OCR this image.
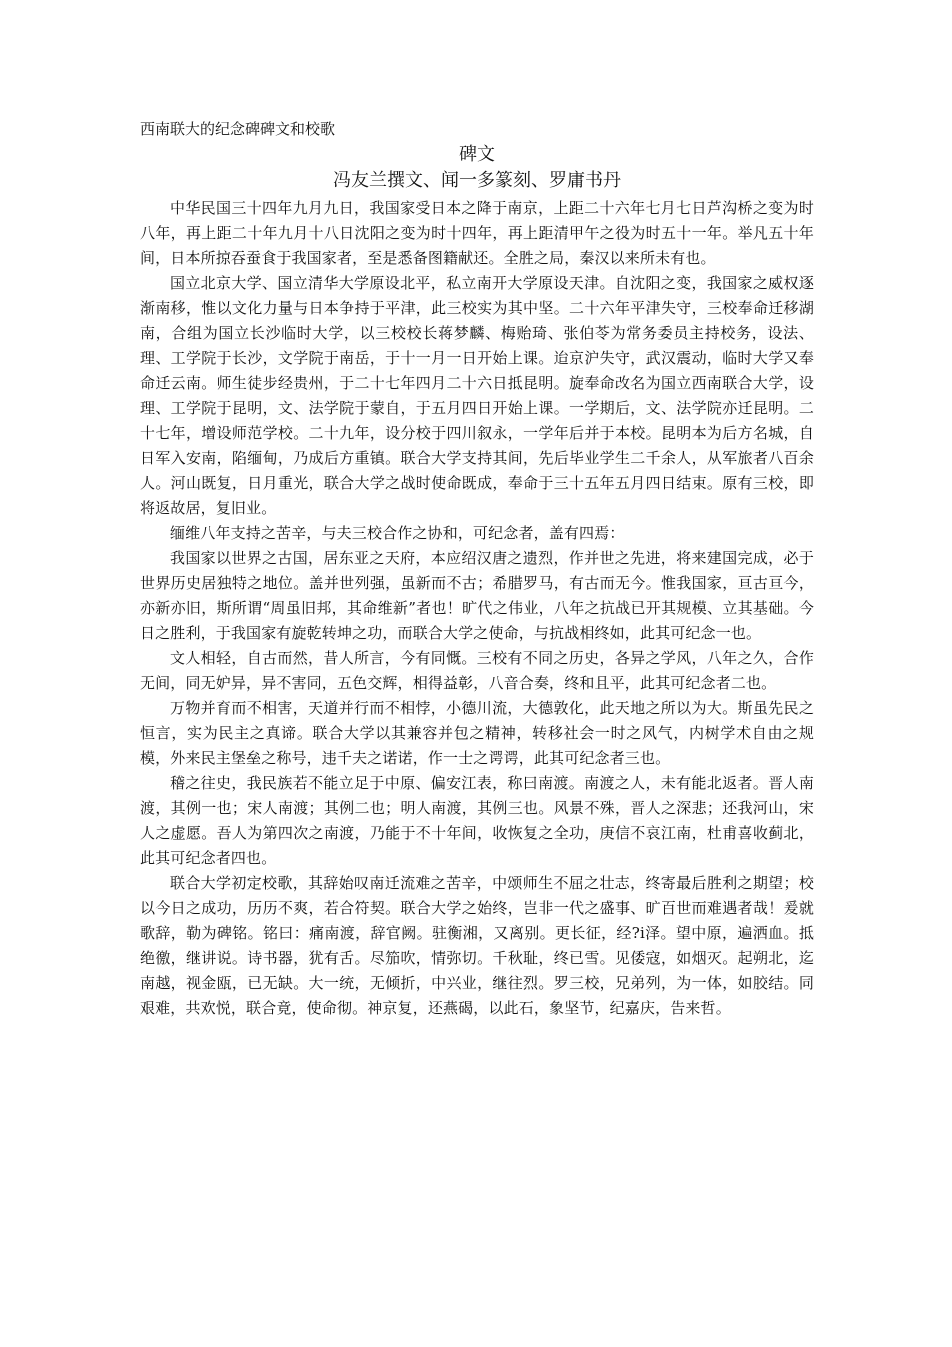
西南联大的纪念碑碑文和校歌

碑文

冯友兰撰文、闻一多篆刻、罗庸书丹

中华民国三十四年九月九日，我国家受日本之降于南京，上距二十六年七月七日芦沟桥之变为时八年，再上距二十年九月十八日沈阳之变为时十四年，再上距清甲午之役为时五十一年。举凡五十年间，日本所掠吞蚕食于我国家者，至是悉备图籍献还。全胜之局，秦汉以来所未有也。

国立北京大学、国立清华大学原设北平，私立南开大学原设天津。自沈阳之变，我国家之威权逐渐南移，惟以文化力量与日本争持于平津，此三校实为其中坚。二十六年平津失守，三校奉命迁移湖南，合组为国立长沙临时大学，以三校校长蒋梦麟、梅贻琦、张伯苓为常务委员主持校务，设法、理、工学院于长沙，文学院于南岳，于十一月一日开始上课。迨京沪失守，武汉震动，临时大学又奉命迁云南。师生徒步经贵州，于二十七年四月二十六日抵昆明。旋奉命改名为国立西南联合大学，设理、工学院于昆明，文、法学院于蒙自，于五月四日开始上课。一学期后，文、法学院亦迁昆明。二十七年，增设师范学校。二十九年，设分校于四川叙永，一学年后并于本校。昆明本为后方名城，自日军入安南，陷缅甸，乃成后方重镇。联合大学支持其间，先后毕业学生二千余人，从军旅者八百余人。河山既复，日月重光，联合大学之战时使命既成，奉命于三十五年五月四日结束。原有三校，即将返故居，复旧业。

缅维八年支持之苦辛，与夫三校合作之协和，可纪念者，盖有四焉：

我国家以世界之古国，居东亚之天府，本应绍汉唐之遗烈，作并世之先进，将来建国完成，必于世界历史居独特之地位。盖并世列强，虽新而不古；希腊罗马，有古而无今。惟我国家，亘古亘今，亦新亦旧，斯所谓“周虽旧邦，其命维新”者也！旷代之伟业，八年之抗战已开其规模、立其基础。今日之胜利，于我国家有旋乾转坤之功，而联合大学之使命，与抗战相终如，此其可纪念一也。

文人相轻，自古而然，昔人所言，今有同慨。三校有不同之历史，各异之学风，八年之久，合作无间，同无妒异，异不害同，五色交辉，相得益彰，八音合奏，终和且平，此其可纪念者二也。

万物并育而不相害，天道并行而不相悖，小德川流，大德敦化，此天地之所以为大。斯虽先民之恒言，实为民主之真谛。联合大学以其兼容并包之精神，转移社会一时之风气，内树学术自由之规模，外来民主堡垒之称号，违千夫之诺诺，作一士之谔谔，此其可纪念者三也。

稽之往史，我民族若不能立足于中原、偏安江表，称曰南渡。南渡之人，未有能北返者。晋人南渡，其例一也；宋人南渡；其例二也；明人南渡，其例三也。风景不殊，晋人之深悲；还我河山，宋人之虚愿。吾人为第四次之南渡，乃能于不十年间，收恢复之全功，庚信不哀江南，杜甫喜收蓟北，此其可纪念者四也。

联合大学初定校歌，其辞始叹南迁流难之苦辛，中颂师生不屈之壮志，终寄最后胜利之期望；校以今日之成功，历历不爽，若合符契。联合大学之始终，岂非一代之盛事、旷百世而难遇者哉！爰就歌辞，勒为碑铭。铭曰：痛南渡，辞官阙。驻衡湘，又离别。更长征，经?i泽。望中原，遍洒血。抵绝徼，继讲说。诗书器，犹有舌。尽笳吹，情弥切。千秋耻，终已雪。见倭寇，如烟灭。起朔北，迄南越，视金瓯，已无缺。大一统，无倾折，中兴业，继往烈。罗三校，兄弟列，为一体，如胶结。同艰难，共欢悦，联合竟，使命彻。神京复，还燕碣，以此石，象坚节，纪嘉庆，告来哲。
